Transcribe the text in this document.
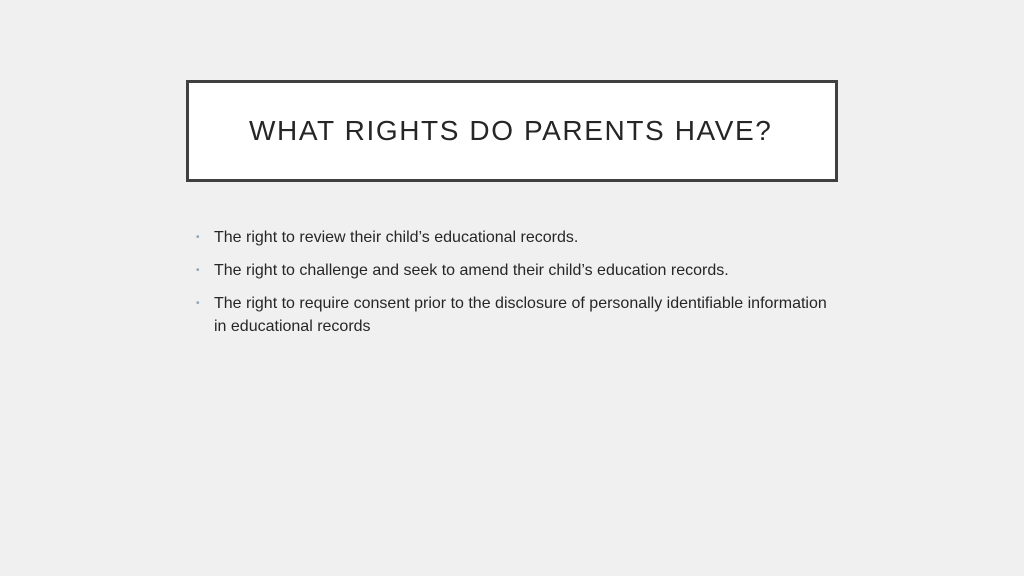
WHAT RIGHTS DO PARENTS HAVE?
• The right to review their child’s educational records.
• The right to challenge and seek to amend their child’s education records.
• The right to require consent prior to the disclosure of personally identifiable information in educational records
